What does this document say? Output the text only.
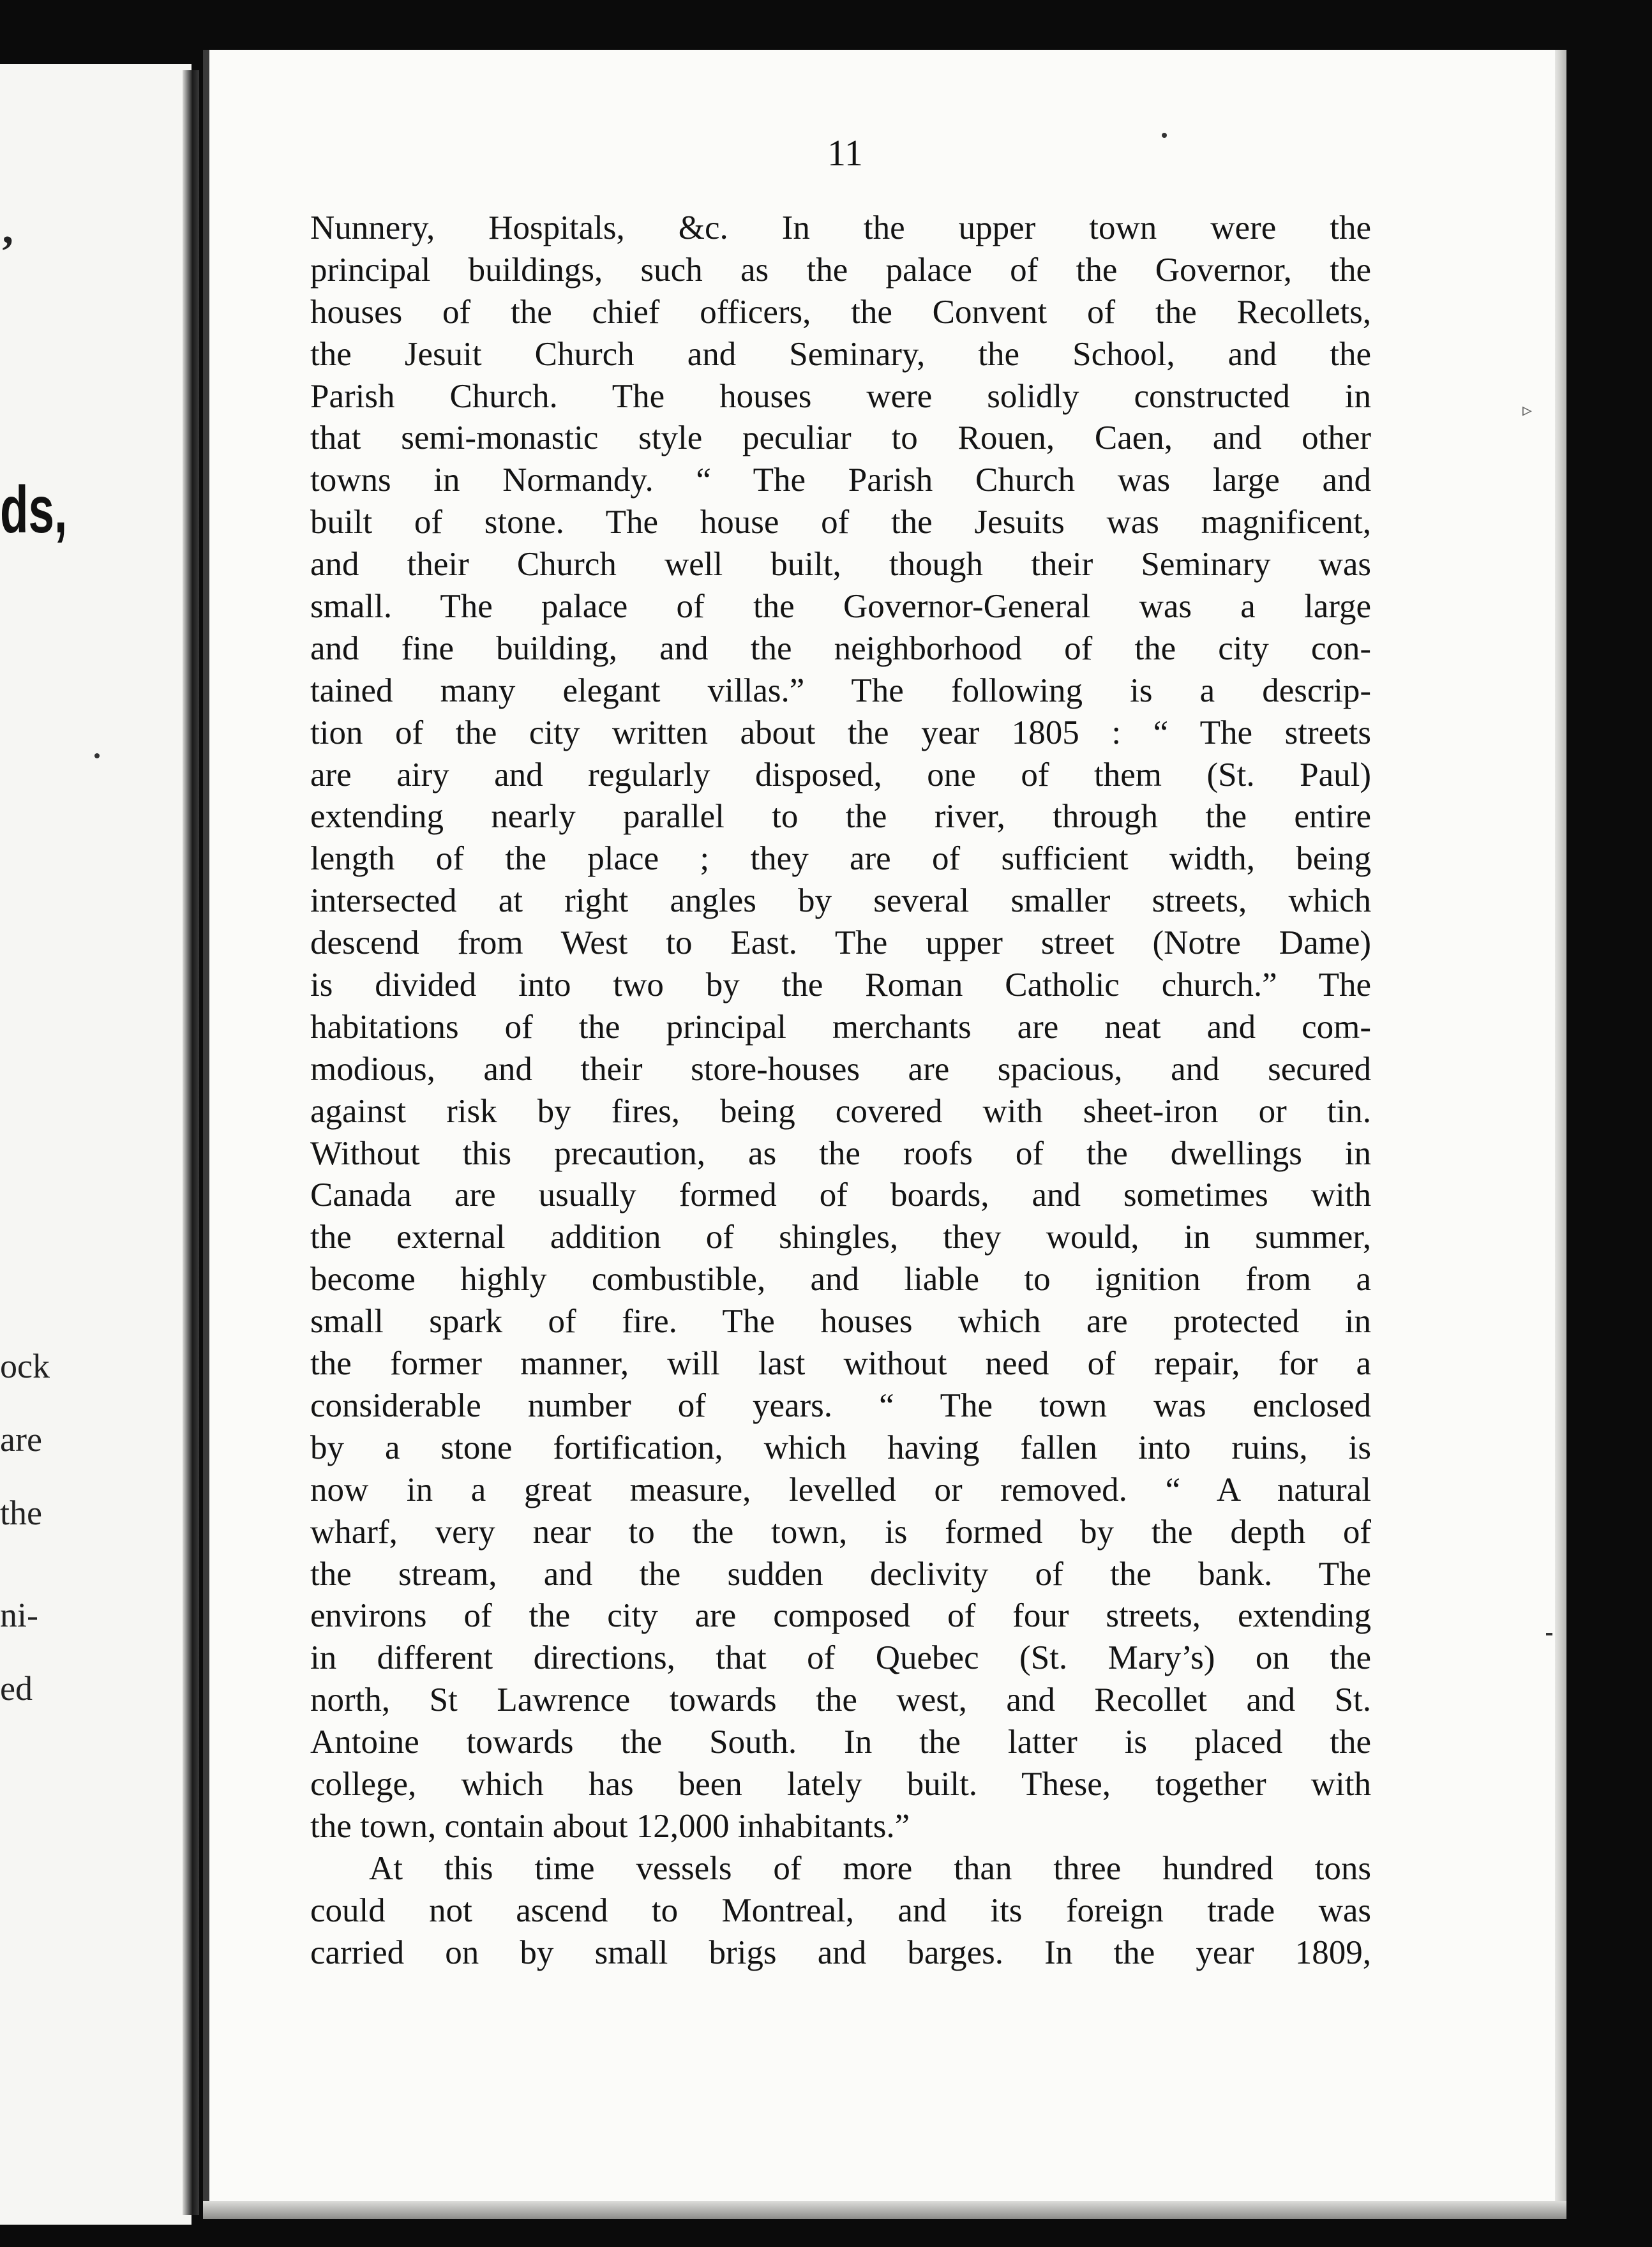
’
ds,
ock
are
the
ni-
ed
11
▹
Nunnery, Hospitals, &c. In the upper town were the
principal buildings, such as the palace of the Governor, the
houses of the chief officers, the Convent of the Recollets,
the Jesuit Church and Seminary, the School, and the
Parish Church. The houses were solidly constructed in
that semi-monastic style peculiar to Rouen, Caen, and other
towns in Normandy. “ The Parish Church was large and
built of stone. The house of the Jesuits was magnificent,
and their Church well built, though their Seminary was
small. The palace of the Governor-General was a large
and fine building, and the neighborhood of the city con-
tained many elegant villas.” The following is a descrip-
tion of the city written about the year 1805 : “ The streets
are airy and regularly disposed, one of them (St. Paul)
extending nearly parallel to the river, through the entire
length of the place ; they are of sufficient width, being
intersected at right angles by several smaller streets, which
descend from West to East. The upper street (Notre Dame)
is divided into two by the Roman Catholic church.” The
habitations of the principal merchants are neat and com-
modious, and their store-houses are spacious, and secured
against risk by fires, being covered with sheet-iron or tin.
Without this precaution, as the roofs of the dwellings in
Canada are usually formed of boards, and sometimes with
the external addition of shingles, they would, in summer,
become highly combustible, and liable to ignition from a
small spark of fire. The houses which are protected in
the former manner, will last without need of repair, for a
considerable number of years. “ The town was enclosed
by a stone fortification, which having fallen into ruins, is
now in a great measure, levelled or removed. “ A natural
wharf, very near to the town, is formed by the depth of
the stream, and the sudden declivity of the bank. The
environs of the city are composed of four streets, extending
in different directions, that of Quebec (St. Mary’s) on the
north, St Lawrence towards the west, and Recollet and St.
Antoine towards the South. In the latter is placed the
college, which has been lately built. These, together with
the town, contain about 12,000 inhabitants.”
At this time vessels of more than three hundred tons
could not ascend to Montreal, and its foreign trade was
carried on by small brigs and barges. In the year 1809,
